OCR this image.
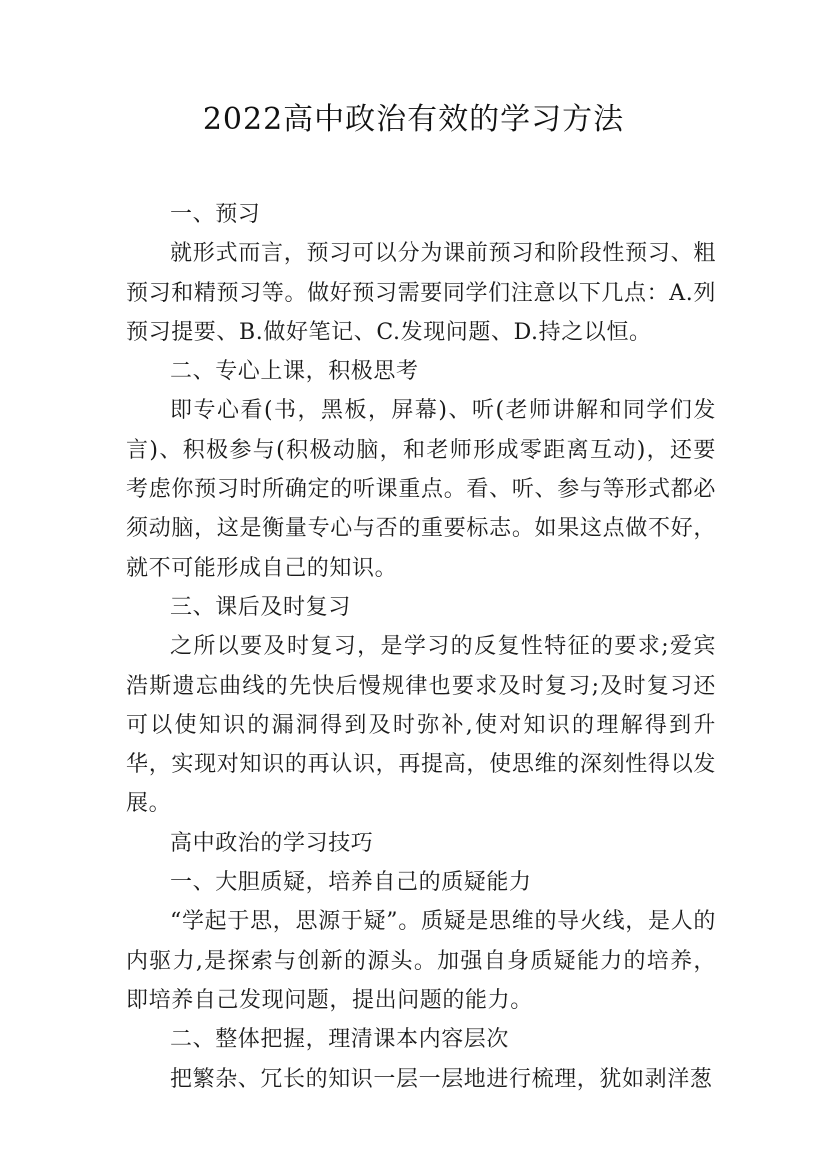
2022高中政治有效的学习方法

一、预习

就形式而言，预习可以分为课前预习和阶段性预习、粗预习和精预习等。做好预习需要同学们注意以下几点：A.列预习提要、B.做好笔记、C.发现问题、D.持之以恒。

二、专心上课，积极思考

即专心看(书，黑板，屏幕)、听(老师讲解和同学们发言)、积极参与(积极动脑，和老师形成零距离互动)，还要考虑你预习时所确定的听课重点。看、听、参与等形式都必须动脑，这是衡量专心与否的重要标志。如果这点做不好，就不可能形成自己的知识。

三、课后及时复习

之所以要及时复习，是学习的反复性特征的要求;爱宾浩斯遗忘曲线的先快后慢规律也要求及时复习;及时复习还可以使知识的漏洞得到及时弥补,使对知识的理解得到升华，实现对知识的再认识，再提高，使思维的深刻性得以发展。

高中政治的学习技巧

一、大胆质疑，培养自己的质疑能力

“学起于思，思源于疑”。质疑是思维的导火线，是人的内驱力,是探索与创新的源头。加强自身质疑能力的培养，即培养自己发现问题，提出问题的能力。

二、整体把握，理清课本内容层次

把繁杂、冗长的知识一层一层地进行梳理，犹如剥洋葱
